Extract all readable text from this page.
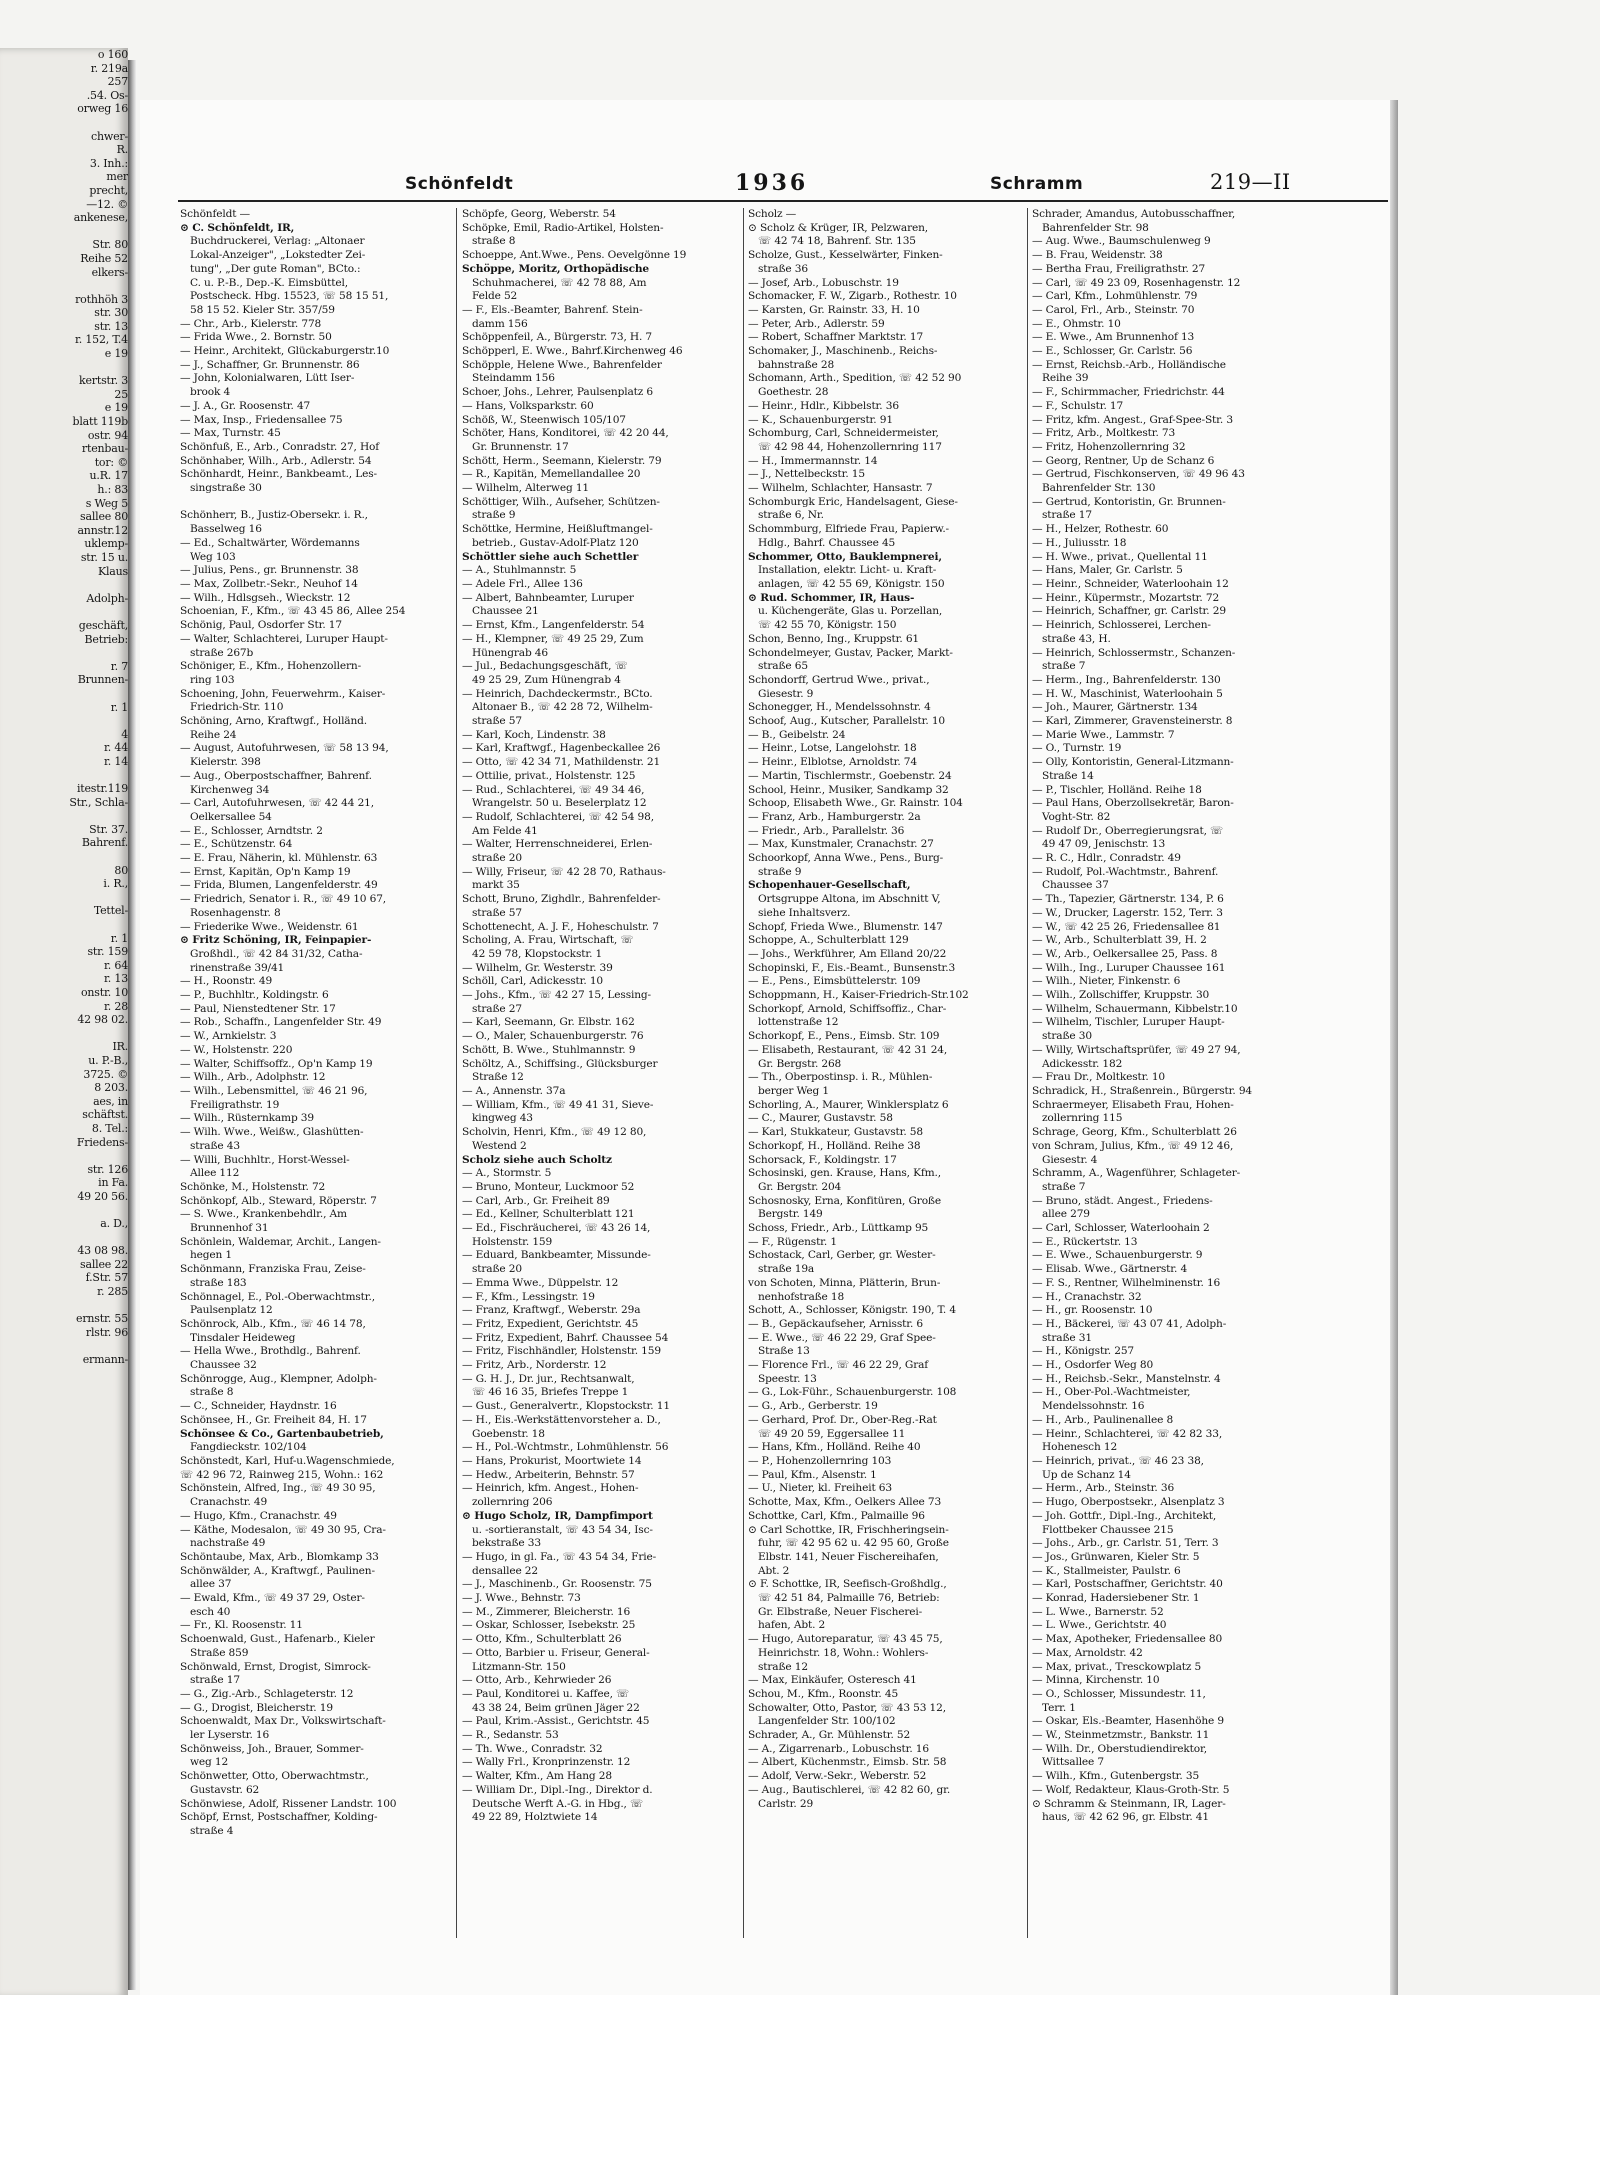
o 160
r. 219a
257
.54. Os-
orweg 16

chwer-
R.
3. Inh.:
mer
precht,
—12. ©
ankenese,

Str. 80
Reihe 52
elkers-

rothhöh 3
str. 30
str. 13
r. 152, T.4
e 19

kertstr. 3
25
e 19
blatt 119b
ostr. 94
rtenbau-
tor: ©
u.R. 17
h.: 83
s Weg 5
sallee 80
annstr.12
uklemp-
str. 15 u.
Klaus

Adolph-

geschäft,
Betrieb:

r. 7
Brunnen-

r. 1

4
r. 44
r. 14

itestr.119
Str., Schla-

Str. 37.
Bahrenf.

80
i. R.,

Tettel-

r. 1
str. 159
r. 64
r. 13
onstr. 10
r. 28
42 98 02.

IR.
u. P.-B.,
3725. ©
8 203.
aes, in
schäftst.
8. Tel.:
Friedens-

str. 126
in Fa.
49 20 56.

a. D.,

43 08 98.
sallee 22
f.Str. 57
r. 285

ernstr. 55
rlstr. 96

ermann-
Schönfeldt	1936	Schramm	219—II
Schönfeldt —
⊙ C. Schönfeldt, IR,
Buchdruckerei, Verlag: „Altonaer
Lokal-Anzeiger", „Lokstedter Zei-
tung", „Der gute Roman", BCto.:
C. u. P.-B., Dep.-K. Eimsbüttel,
Postscheck. Hbg. 15523, ☏ 58 15 51,
58 15 52. Kieler Str. 357/59
— Chr., Arb., Kielerstr. 778
— Frida Wwe., 2. Bornstr. 50
— Heinr., Architekt, Glückaburgerstr.10
— J., Schaffner, Gr. Brunnenstr. 86
— John, Kolonialwaren, Lütt Iser-
brook 4
— J. A., Gr. Roosenstr. 47
— Max, Insp., Friedensallee 75
— Max, Turnstr. 45
Schönfuß, E., Arb., Conradstr. 27, Hof
Schönhaber, Wilh., Arb., Adlerstr. 54
Schönhardt, Heinr., Bankbeamt., Les-
singstraße 30

Schönherr, B., Justiz-Obersekr. i. R.,
Basselweg 16
— Ed., Schaltwärter, Wördemanns
Weg 103
— Julius, Pens., gr. Brunnenstr. 38
— Max, Zollbetr.-Sekr., Neuhof 14
— Wilh., Hdlsgseh., Wieckstr. 12
Schoenian, F., Kfm., ☏ 43 45 86, Allee 254
Schönig, Paul, Osdorfer Str. 17
— Walter, Schlachterei, Luruper Haupt-
straße 267b
Schöniger, E., Kfm., Hohenzollern-
ring 103
Schoening, John, Feuerwehrm., Kaiser-
Friedrich-Str. 110
Schöning, Arno, Kraftwgf., Holländ.
Reihe 24
— August, Autofuhrwesen, ☏ 58 13 94,
Kielerstr. 398
— Aug., Oberpostschaffner, Bahrenf.
Kirchenweg 34
— Carl, Autofuhrwesen, ☏ 42 44 21,
Oelkersallee 54
— E., Schlosser, Arndtstr. 2
— E., Schützenstr. 64
— E. Frau, Näherin, kl. Mühlenstr. 63
— Ernst, Kapitän, Op'n Kamp 19
— Frida, Blumen, Langenfelderstr. 49
— Friedrich, Senator i. R., ☏ 49 10 67,
Rosenhagenstr. 8
— Friederike Wwe., Weidenstr. 61
⊙ Fritz Schöning, IR, Feinpapier-
Großhdl., ☏ 42 84 31/32, Catha-
rinenstraße 39/41
— H., Roonstr. 49
— P., Buchhltr., Koldingstr. 6
— Paul, Nienstedtener Str. 17
— Rob., Schaffn., Langenfelder Str. 49
— W., Arnkielstr. 3
— W., Holstenstr. 220
— Walter, Schiffsoffz., Op'n Kamp 19
— Wilh., Arb., Adolphstr. 12
— Wilh., Lebensmittel, ☏ 46 21 96,
Freiligrathstr. 19
— Wilh., Rüsternkamp 39
— Wilh. Wwe., Weißw., Glashütten-
straße 43
— Willi, Buchhltr., Horst-Wessel-
Allee 112
Schönke, M., Holstenstr. 72
Schönkopf, Alb., Steward, Röperstr. 7
— S. Wwe., Krankenbehdlr., Am
Brunnenhof 31
Schönlein, Waldemar, Archit., Langen-
hegen 1
Schönmann, Franziska Frau, Zeise-
straße 183
Schönnagel, E., Pol.-Oberwachtmstr.,
Paulsenplatz 12
Schönrock, Alb., Kfm., ☏ 46 14 78,
Tinsdaler Heideweg
— Hella Wwe., Brothdlg., Bahrenf.
Chaussee 32
Schönrogge, Aug., Klempner, Adolph-
straße 8
— C., Schneider, Haydnstr. 16
Schönsee, H., Gr. Freiheit 84, H. 17
Schönsee & Co., Gartenbaubetrieb,
Fangdieckstr. 102/104
Schönstedt, Karl, Huf-u.Wagenschmiede,
☏ 42 96 72, Rainweg 215, Wohn.: 162
Schönstein, Alfred, Ing., ☏ 49 30 95,
Cranachstr. 49
— Hugo, Kfm., Cranachstr. 49
— Käthe, Modesalon, ☏ 49 30 95, Cra-
nachstraße 49
Schöntaube, Max, Arb., Blomkamp 33
Schönwälder, A., Kraftwgf., Paulinen-
allee 37
— Ewald, Kfm., ☏ 49 37 29, Oster-
esch 40
— Fr., Kl. Roosenstr. 11
Schoenwald, Gust., Hafenarb., Kieler
Straße 859
Schönwald, Ernst, Drogist, Simrock-
straße 17
— G., Zig.-Arb., Schlageterstr. 12
— G., Drogist, Bleicherstr. 19
Schoenwaldt, Max Dr., Volkswirtschaft-
ler Lyserstr. 16
Schönweiss, Joh., Brauer, Sommer-
weg 12
Schönwetter, Otto, Oberwachtmstr.,
Gustavstr. 62
Schönwiese, Adolf, Rissener Landstr. 100
Schöpf, Ernst, Postschaffner, Kolding-
straße 4
Schöpfe, Georg, Weberstr. 54
Schöpke, Emil, Radio-Artikel, Holsten-
straße 8
Schoeppe, Ant.Wwe., Pens. Oevelgönne 19
Schöppe, Moritz, Orthopädische
Schuhmacherei, ☏ 42 78 88, Am
Felde 52
— F., Els.-Beamter, Bahrenf. Stein-
damm 156
Schöppenfeil, A., Bürgerstr. 73, H. 7
Schöpperl, E. Wwe., Bahrf.Kirchenweg 46
Schöpple, Helene Wwe., Bahrenfelder
Steindamm 156
Schoer, Johs., Lehrer, Paulsenplatz 6
— Hans, Volksparkstr. 60
Schöß, W., Steenwisch 105/107
Schöter, Hans, Konditorei, ☏ 42 20 44,
Gr. Brunnenstr. 17
Schött, Herm., Seemann, Kielerstr. 79
— R., Kapitän, Memellandallee 20
— Wilhelm, Alterweg 11
Schöttiger, Wilh., Aufseher, Schützen-
straße 9
Schöttke, Hermine, Heißluftmangel-
betrieb., Gustav-Adolf-Platz 120
Schöttler siehe auch Schettler
— A., Stuhlmannstr. 5
— Adele Frl., Allee 136
— Albert, Bahnbeamter, Luruper
Chaussee 21
— Ernst, Kfm., Langenfelderstr. 54
— H., Klempner, ☏ 49 25 29, Zum
Hünengrab 46
— Jul., Bedachungsgeschäft, ☏
49 25 29, Zum Hünengrab 4
— Heinrich, Dachdeckermstr., BCto.
Altonaer B., ☏ 42 28 72, Wilhelm-
straße 57
— Karl, Koch, Lindenstr. 38
— Karl, Kraftwgf., Hagenbeckallee 26
— Otto, ☏ 42 34 71, Mathildenstr. 21
— Ottilie, privat., Holstenstr. 125
— Rud., Schlachterei, ☏ 49 34 46,
Wrangelstr. 50 u. Beselerplatz 12
— Rudolf, Schlachterei, ☏ 42 54 98,
Am Felde 41
— Walter, Herrenschneiderei, Erlen-
straße 20
— Willy, Friseur, ☏ 42 28 70, Rathaus-
markt 35
Schott, Bruno, Zighdlr., Bahrenfelder-
straße 57
Schottenecht, A. J. F., Hoheschulstr. 7
Scholing, A. Frau, Wirtschaft, ☏
42 59 78, Klopstockstr. 1
— Wilhelm, Gr. Westerstr. 39
Schöll, Carl, Adickesstr. 10
— Johs., Kfm., ☏ 42 27 15, Lessing-
straße 27
— Karl, Seemann, Gr. Elbstr. 162
— O., Maler, Schauenburgerstr. 76
Schött, B. Wwe., Stuhlmannstr. 9
Schöltz, A., Schiffsing., Glücksburger
Straße 12
— A., Annenstr. 37a
— William, Kfm., ☏ 49 41 31, Sieve-
kingweg 43
Scholvin, Henri, Kfm., ☏ 49 12 80,
Westend 2
Scholz siehe auch Scholtz
— A., Stormstr. 5
— Bruno, Monteur, Luckmoor 52
— Carl, Arb., Gr. Freiheit 89
— Ed., Kellner, Schulterblatt 121
— Ed., Fischräucherei, ☏ 43 26 14,
Holstenstr. 159
— Eduard, Bankbeamter, Missunde-
straße 20
— Emma Wwe., Düppelstr. 12
— F., Kfm., Lessingstr. 19
— Franz, Kraftwgf., Weberstr. 29a
— Fritz, Expedient, Gerichtstr. 45
— Fritz, Expedient, Bahrf. Chaussee 54
— Fritz, Fischhändler, Holstenstr. 159
— Fritz, Arb., Norderstr. 12
— G. H. J., Dr. jur., Rechtsanwalt,
☏ 46 16 35, Briefes Treppe 1
— Gust., Generalvertr., Klopstockstr. 11
— H., Eis.-Werkstättenvorsteher a. D.,
Goebenstr. 18
— H., Pol.-Wchtmstr., Lohmühlenstr. 56
— Hans, Prokurist, Moortwiete 14
— Hedw., Arbeiterin, Behnstr. 57
— Heinrich, kfm. Angest., Hohen-
zollernring 206
⊙ Hugo Scholz, IR, Dampfimport
u. -sortieranstalt, ☏ 43 54 34, Isc-
bekstraße 33
— Hugo, in gl. Fa., ☏ 43 54 34, Frie-
densallee 22
— J., Maschinenb., Gr. Roosenstr. 75
— J. Wwe., Behnstr. 73
— M., Zimmerer, Bleicherstr. 16
— Oskar, Schlosser, Isebekstr. 25
— Otto, Kfm., Schulterblatt 26
— Otto, Barbier u. Friseur, General-
Litzmann-Str. 150
— Otto, Arb., Kehrwieder 26
— Paul, Konditorei u. Kaffee, ☏
43 38 24, Beim grünen Jäger 22
— Paul, Krim.-Assist., Gerichtstr. 45
— R., Sedanstr. 53
— Th. Wwe., Conradstr. 32
— Wally Frl., Kronprinzenstr. 12
— Walter, Kfm., Am Hang 28
— William Dr., Dipl.-Ing., Direktor d.
Deutsche Werft A.-G. in Hbg., ☏
49 22 89, Holztwiete 14
Scholz —
⊙ Scholz & Krüger, IR, Pelzwaren,
☏ 42 74 18, Bahrenf. Str. 135
Scholze, Gust., Kesselwärter, Finken-
straße 36
— Josef, Arb., Lobuschstr. 19
Schomacker, F. W., Zigarb., Rothestr. 10
— Karsten, Gr. Rainstr. 33, H. 10
— Peter, Arb., Adlerstr. 59
— Robert, Schaffner Marktstr. 17
Schomaker, J., Maschinenb., Reichs-
bahnstraße 28
Schomann, Arth., Spedition, ☏ 42 52 90
Goethestr. 28
— Heinr., Hdlr., Kibbelstr. 36
— K., Schauenburgerstr. 91
Schomburg, Carl, Schneidermeister,
☏ 42 98 44, Hohenzollernring 117
— H., Immermannstr. 14
— J., Nettelbeckstr. 15
— Wilhelm, Schlachter, Hansastr. 7
Schomburgk Eric, Handelsagent, Giese-
straße 6, Nr.
Schommburg, Elfriede Frau, Papierw.-
Hdlg., Bahrf. Chaussee 45
Schommer, Otto, Bauklempnerei,
Installation, elektr. Licht- u. Kraft-
anlagen, ☏ 42 55 69, Königstr. 150
⊙ Rud. Schommer, IR, Haus-
u. Küchengeräte, Glas u. Porzellan,
☏ 42 55 70, Königstr. 150
Schon, Benno, Ing., Kruppstr. 61
Schondelmeyer, Gustav, Packer, Markt-
straße 65
Schondorff, Gertrud Wwe., privat.,
Giesestr. 9
Schonegger, H., Mendelssohnstr. 4
Schoof, Aug., Kutscher, Parallelstr. 10
— B., Geibelstr. 24
— Heinr., Lotse, Langelohstr. 18
— Heinr., Elblotse, Arnoldstr. 74
— Martin, Tischlermstr., Goebenstr. 24
School, Heinr., Musiker, Sandkamp 32
Schoop, Elisabeth Wwe., Gr. Rainstr. 104
— Franz, Arb., Hamburgerstr. 2a
— Friedr., Arb., Parallelstr. 36
— Max, Kunstmaler, Cranachstr. 27
Schoorkopf, Anna Wwe., Pens., Burg-
straße 9
Schopenhauer-Gesellschaft,
Ortsgruppe Altona, im Abschnitt V,
siehe Inhaltsverz.
Schopf, Frieda Wwe., Blumenstr. 147
Schoppe, A., Schulterblatt 129
— Johs., Werkführer, Am Elland 20/22
Schopinski, F., Eis.-Beamt., Bunsenstr.3
— E., Pens., Eimsbüttelerstr. 109
Schoppmann, H., Kaiser-Friedrich-Str.102
Schorkopf, Arnold, Schiffsoffiz., Char-
lottenstraße 12
Schorkopf, E., Pens., Eimsb. Str. 109
— Elisabeth, Restaurant, ☏ 42 31 24,
Gr. Bergstr. 268
— Th., Oberpostinsp. i. R., Mühlen-
berger Weg 1
Schorling, A., Maurer, Winklersplatz 6
— C., Maurer, Gustavstr. 58
— Karl, Stukkateur, Gustavstr. 58
Schorkopf, H., Holländ. Reihe 38
Schorsack, F., Koldingstr. 17
Schosinski, gen. Krause, Hans, Kfm.,
Gr. Bergstr. 204
Schosnosky, Erna, Konfitüren, Große
Bergstr. 149
Schoss, Friedr., Arb., Lüttkamp 95
— F., Rügenstr. 1
Schostack, Carl, Gerber, gr. Wester-
straße 19a
von Schoten, Minna, Plätterin, Brun-
nenhofstraße 18
Schott, A., Schlosser, Königstr. 190, T. 4
— B., Gepäckaufseher, Arnisstr. 6
— E. Wwe., ☏ 46 22 29, Graf Spee-
Straße 13
— Florence Frl., ☏ 46 22 29, Graf
Speestr. 13
— G., Lok-Führ., Schauenburgerstr. 108
— G., Arb., Gerberstr. 19
— Gerhard, Prof. Dr., Ober-Reg.-Rat
☏ 49 20 59, Eggersallee 11
— Hans, Kfm., Holländ. Reihe 40
— P., Hohenzollernring 103
— Paul, Kfm., Alsenstr. 1
— U., Nieter, kl. Freiheit 63
Schotte, Max, Kfm., Oelkers Allee 73
Schottke, Carl, Kfm., Palmaille 96
⊙ Carl Schottke, IR, Frischheringsein-
fuhr, ☏ 42 95 62 u. 42 95 60, Große
Elbstr. 141, Neuer Fischereihafen,
Abt. 2
⊙ F. Schottke, IR, Seefisch-Großhdlg.,
☏ 42 51 84, Palmaille 76, Betrieb:
Gr. Elbstraße, Neuer Fischerei-
hafen, Abt. 2
— Hugo, Autoreparatur, ☏ 43 45 75,
Heinrichstr. 18, Wohn.: Wohlers-
straße 12
— Max, Einkäufer, Osteresch 41
Schou, M., Kfm., Roonstr. 45
Schowalter, Otto, Pastor, ☏ 43 53 12,
Langenfelder Str. 100/102
Schrader, A., Gr. Mühlenstr. 52
— A., Zigarrenarb., Lobuschstr. 16
— Albert, Küchenmstr., Eimsb. Str. 58
— Adolf, Verw.-Sekr., Weberstr. 52
— Aug., Bautischlerei, ☏ 42 82 60, gr.
Carlstr. 29
Schrader, Amandus, Autobusschaffner,
Bahrenfelder Str. 98
— Aug. Wwe., Baumschulenweg 9
— B. Frau, Weidenstr. 38
— Bertha Frau, Freiligrathstr. 27
— Carl, ☏ 49 23 09, Rosenhagenstr. 12
— Carl, Kfm., Lohmühlenstr. 79
— Carol, Frl., Arb., Steinstr. 70
— E., Ohmstr. 10
— E. Wwe., Am Brunnenhof 13
— E., Schlosser, Gr. Carlstr. 56
— Ernst, Reichsb.-Arb., Holländische
Reihe 39
— F., Schirmmacher, Friedrichstr. 44
— F., Schulstr. 17
— Fritz, kfm. Angest., Graf-Spee-Str. 3
— Fritz, Arb., Moltkestr. 73
— Fritz, Hohenzollernring 32
— Georg, Rentner, Up de Schanz 6
— Gertrud, Fischkonserven, ☏ 49 96 43
Bahrenfelder Str. 130
— Gertrud, Kontoristin, Gr. Brunnen-
straße 17
— H., Helzer, Rothestr. 60
— H., Juliusstr. 18
— H. Wwe., privat., Quellental 11
— Hans, Maler, Gr. Carlstr. 5
— Heinr., Schneider, Waterloohain 12
— Heinr., Küpermstr., Mozartstr. 72
— Heinrich, Schaffner, gr. Carlstr. 29
— Heinrich, Schlosserei, Lerchen-
straße 43, H.
— Heinrich, Schlossermstr., Schanzen-
straße 7
— Herm., Ing., Bahrenfelderstr. 130
— H. W., Maschinist, Waterloohain 5
— Joh., Maurer, Gärtnerstr. 134
— Karl, Zimmerer, Gravensteinerstr. 8
— Marie Wwe., Lammstr. 7
— O., Turnstr. 19
— Olly, Kontoristin, General-Litzmann-
Straße 14
— P., Tischler, Holländ. Reihe 18
— Paul Hans, Oberzollsekretär, Baron-
Voght-Str. 82
— Rudolf Dr., Oberregierungsrat, ☏
49 47 09, Jenischstr. 13
— R. C., Hdlr., Conradstr. 49
— Rudolf, Pol.-Wachtmstr., Bahrenf.
Chaussee 37
— Th., Tapezier, Gärtnerstr. 134, P. 6
— W., Drucker, Lagerstr. 152, Terr. 3
— W., ☏ 42 25 26, Friedensallee 81
— W., Arb., Schulterblatt 39, H. 2
— W., Arb., Oelkersallee 25, Pass. 8
— Wilh., Ing., Luruper Chaussee 161
— Wilh., Nieter, Finkenstr. 6
— Wilh., Zollschiffer, Kruppstr. 30
— Wilhelm, Schauermann, Kibbelstr.10
— Wilhelm, Tischler, Luruper Haupt-
straße 30
— Willy, Wirtschaftsprüfer, ☏ 49 27 94,
Adickesstr. 182
— Frau Dr., Moltkestr. 10
Schradick, H., Straßenrein., Bürgerstr. 94
Schraermeyer, Elisabeth Frau, Hohen-
zollernring 115
Schrage, Georg, Kfm., Schulterblatt 26
von Schram, Julius, Kfm., ☏ 49 12 46,
Giesestr. 4
Schramm, A., Wagenführer, Schlageter-
straße 7
— Bruno, städt. Angest., Friedens-
allee 279
— Carl, Schlosser, Waterloohain 2
— E., Rückertstr. 13
— E. Wwe., Schauenburgerstr. 9
— Elisab. Wwe., Gärtnerstr. 4
— F. S., Rentner, Wilhelminenstr. 16
— H., Cranachstr. 32
— H., gr. Roosenstr. 10
— H., Bäckerei, ☏ 43 07 41, Adolph-
straße 31
— H., Königstr. 257
— H., Osdorfer Weg 80
— H., Reichsb.-Sekr., Manstelnstr. 4
— H., Ober-Pol.-Wachtmeister,
Mendelssohnstr. 16
— H., Arb., Paulinenallee 8
— Heinr., Schlachterei, ☏ 42 82 33,
Hohenesch 12
— Heinrich, privat., ☏ 46 23 38,
Up de Schanz 14
— Herm., Arb., Steinstr. 36
— Hugo, Oberpostsekr., Alsenplatz 3
— Joh. Gottfr., Dipl.-Ing., Architekt,
Flottbeker Chaussee 215
— Johs., Arb., gr. Carlstr. 51, Terr. 3
— Jos., Grünwaren, Kieler Str. 5
— K., Stallmeister, Paulstr. 6
— Karl, Postschaffner, Gerichtstr. 40
— Konrad, Hadersiebener Str. 1
— L. Wwe., Barnerstr. 52
— L. Wwe., Gerichtstr. 40
— Max, Apotheker, Friedensallee 80
— Max, Arnoldstr. 42
— Max, privat., Tresckowplatz 5
— Minna, Kirchenstr. 10
— O., Schlosser, Missundestr. 11,
Terr. 1
— Oskar, Els.-Beamter, Hasenhöhe 9
— W., Steinmetzmstr., Bankstr. 11
— Wilh. Dr., Oberstudiendirektor,
Wittsallee 7
— Wilh., Kfm., Gutenbergstr. 35
— Wolf, Redakteur, Klaus-Groth-Str. 5
⊙ Schramm & Steinmann, IR, Lager-
haus, ☏ 42 62 96, gr. Elbstr. 41
